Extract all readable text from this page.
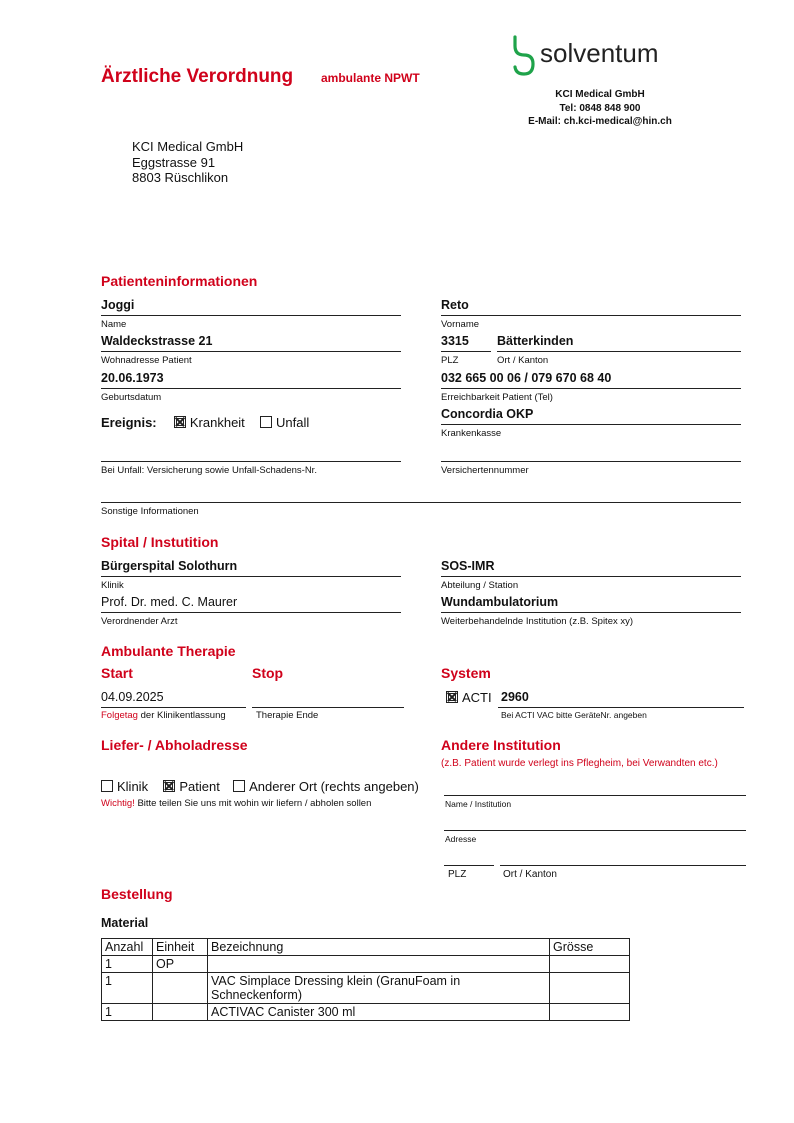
Ärztliche Verordnung ambulante NPWT
solventum
KCI Medical GmbH
Tel: 0848 848 900
E-Mail: ch.kci-medical@hin.ch
KCI Medical GmbH
Eggstrasse 91
8803 Rüschlikon
Patienteninformationen
Joggi
Name
Reto
Vorname
Waldeckstrasse 21
Wohnadresse Patient
3315
PLZ
Bätterkinden
Ort / Kanton
20.06.1973
Geburtsdatum
032 665 00 06 / 079 670 68 40
Erreichbarkeit Patient (Tel)
Ereignis:	Krankheit Unfall
Concordia OKP
Krankenkasse
Bei Unfall: Versicherung sowie Unfall-Schadens-Nr.	Versichertennummer
Sonstige Informationen
Spital / Instutition
Bürgerspital Solothurn
Klinik
SOS-IMR
Abteilung / Station
Prof. Dr. med. C. Maurer
Verordnender Arzt
Wundambulatorium
Weiterbehandelnde Institution (z.B. Spitex xy)
Ambulante Therapie
Start	Stop	System
04.09.2025
Folgetag der Klinikentlassung	Therapie Ende
ACTI 2960
Bei ACTI VAC bitte GeräteNr. angeben
Liefer- / Abholadresse	Andere Institution
(z.B. Patient wurde verlegt ins Pflegheim, bei Verwandten etc.)
Klinik Patient Anderer Ort (rechts angeben)
Wichtig! Bitte teilen Sie uns mit wohin wir liefern / abholen sollen	Name / Institution
Adresse
PLZ	Ort / Kanton
Bestellung
Material
Anzahl	Einheit	Bezeichnung	Grösse
1	OP		
1		VAC Simplace Dressing klein (GranuFoam in Schneckenform)	
1		ACTIVAC Canister 300 ml	
